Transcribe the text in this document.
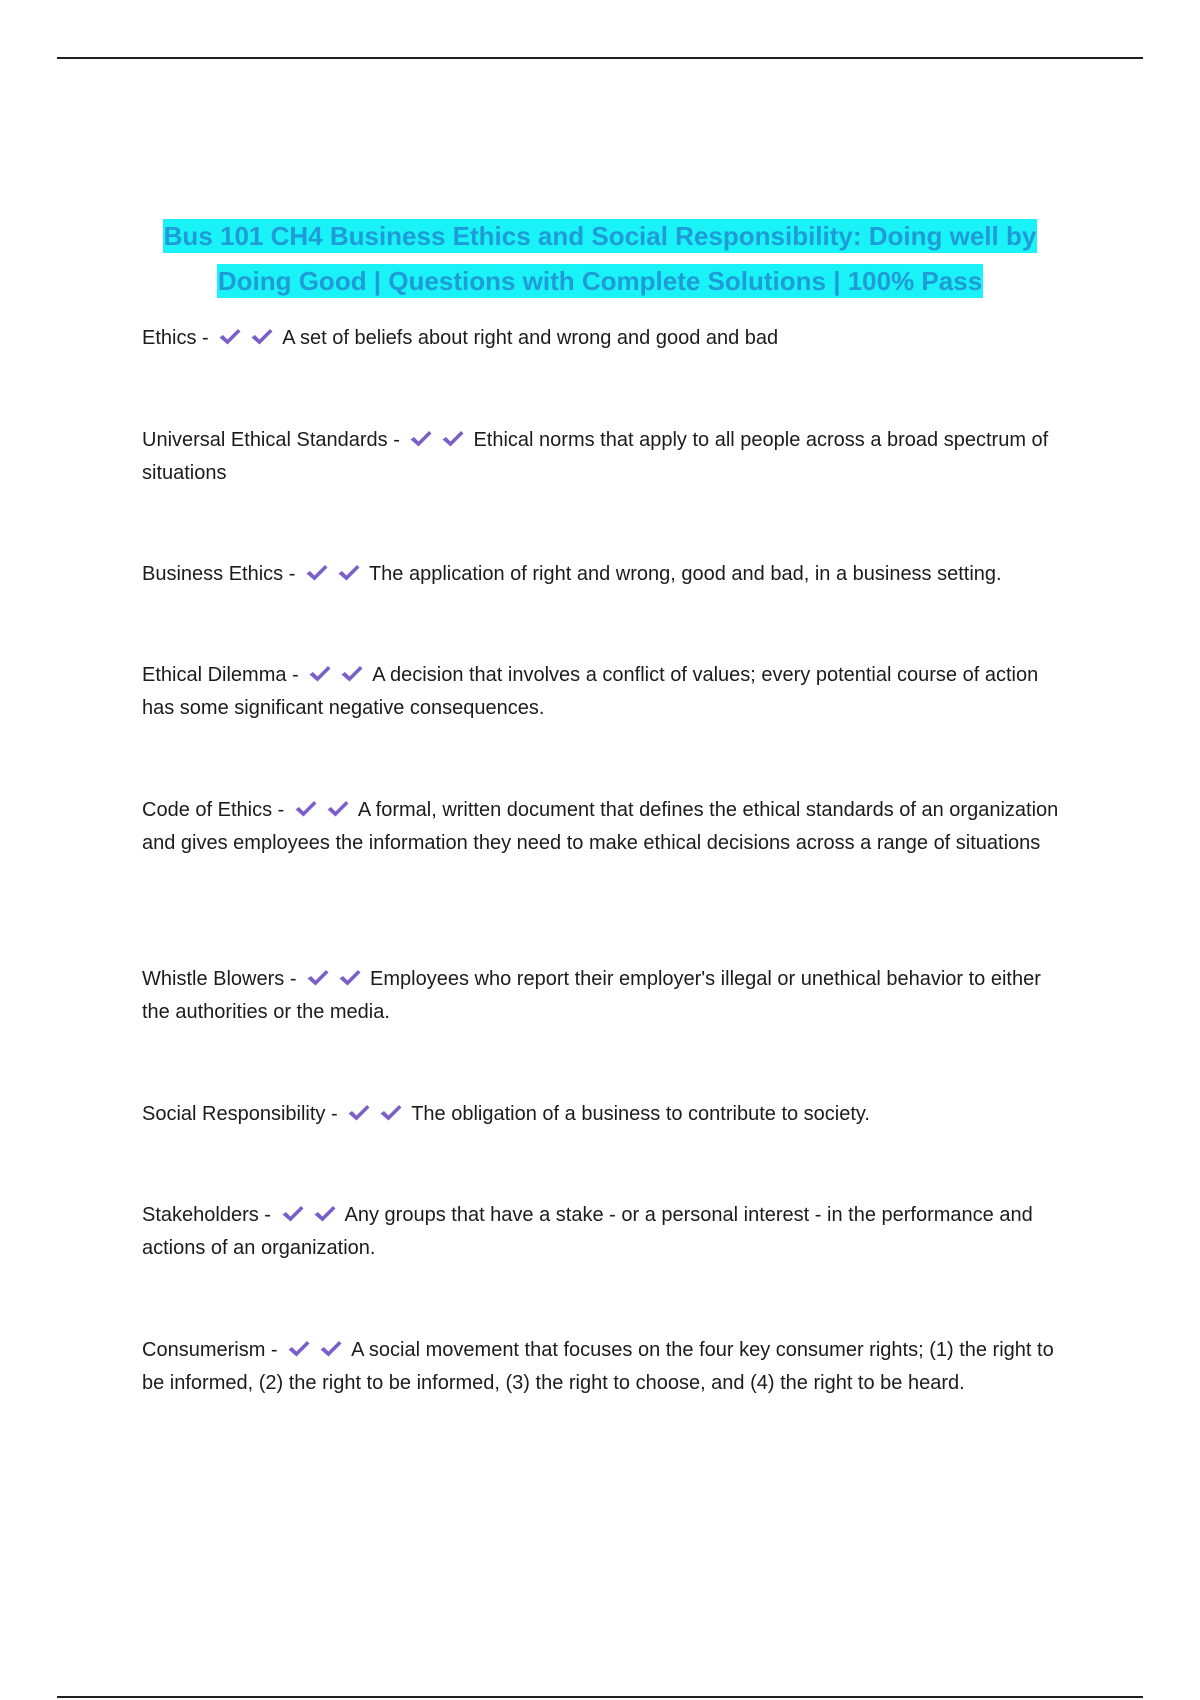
Bus 101 CH4 Business Ethics and Social Responsibility: Doing well by Doing Good | Questions with Complete Solutions | 100% Pass
Ethics -	A set of beliefs about right and wrong and good and bad
Universal Ethical Standards -	Ethical norms that apply to all people across a broad spectrum of situations
Business Ethics -	The application of right and wrong, good and bad, in a business setting.
Ethical Dilemma -	A decision that involves a conflict of values; every potential course of action has some significant negative consequences.
Code of Ethics -	A formal, written document that defines the ethical standards of an organization and gives employees the information they need to make ethical decisions across a range of situations
Whistle Blowers -	Employees who report their employer's illegal or unethical behavior to either the authorities or the media.
Social Responsibility -	The obligation of a business to contribute to society.
Stakeholders -	Any groups that have a stake - or a personal interest - in the performance and actions of an organization.
Consumerism -	A social movement that focuses on the four key consumer rights; (1) the right to be informed, (2) the right to be informed, (3) the right to choose, and (4) the right to be heard.
